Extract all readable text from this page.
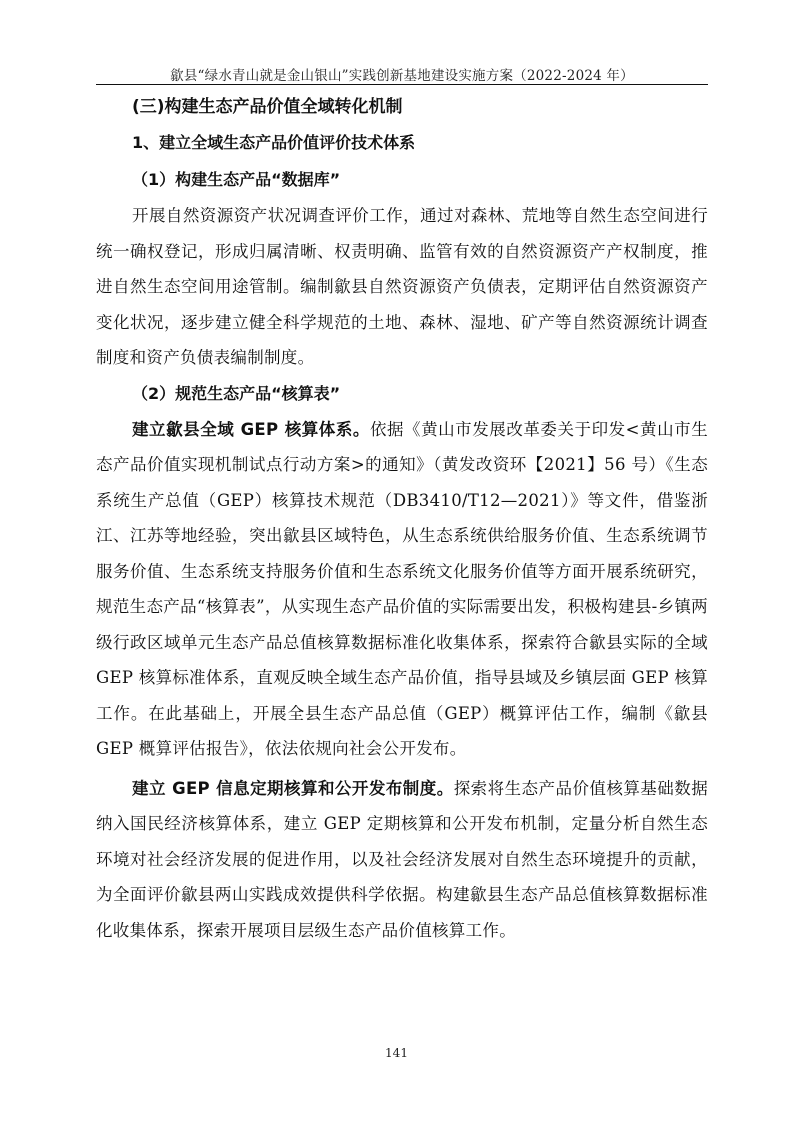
歙县“绿水青山就是金山银山”实践创新基地建设实施方案（2022-2024 年）
(三)构建生态产品价值全域转化机制
1、建立全域生态产品价值评价技术体系
（1）构建生态产品“数据库”

开展自然资源资产状况调查评价工作，通过对森林、荒地等自然生态空间进行统一确权登记，形成归属清晰、权责明确、监管有效的自然资源资产产权制度，推进自然生态空间用途管制。编制歙县自然资源资产负债表，定期评估自然资源资产变化状况，逐步建立健全科学规范的土地、森林、湿地、矿产等自然资源统计调查制度和资产负债表编制制度。

（2）规范生态产品“核算表”

建立歙县全域 GEP 核算体系。依据《黄山市发展改革委关于印发<黄山市生态产品价值实现机制试点行动方案>的通知》（黄发改资环【2021】56 号）《生态系统生产总值（GEP）核算技术规范（DB3410/T12—2021）》等文件，借鉴浙江、江苏等地经验，突出歙县区域特色，从生态系统供给服务价值、生态系统调节服务价值、生态系统支持服务价值和生态系统文化服务价值等方面开展系统研究，规范生态产品“核算表”，从实现生态产品价值的实际需要出发，积极构建县-乡镇两级行政区域单元生态产品总值核算数据标准化收集体系，探索符合歙县实际的全域 GEP 核算标准体系，直观反映全域生态产品价值，指导县域及乡镇层面 GEP 核算工作。在此基础上，开展全县生态产品总值（GEP）概算评估工作，编制《歙县 GEP 概算评估报告》，依法依规向社会公开发布。

建立 GEP 信息定期核算和公开发布制度。探索将生态产品价值核算基础数据纳入国民经济核算体系，建立 GEP 定期核算和公开发布机制，定量分析自然生态环境对社会经济发展的促进作用，以及社会经济发展对自然生态环境提升的贡献，为全面评价歙县两山实践成效提供科学依据。构建歙县生态产品总值核算数据标准化收集体系，探索开展项目层级生态产品价值核算工作。

141
